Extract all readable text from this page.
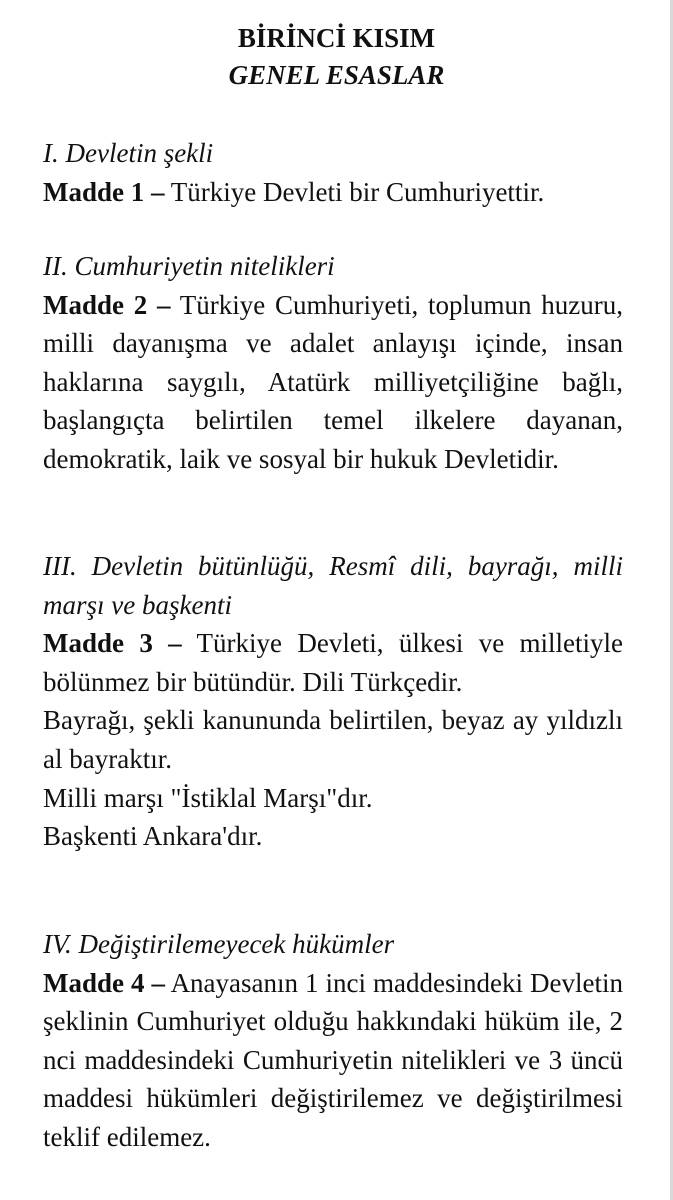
BİRİNCİ KISIM
GENEL ESASLAR
I. Devletin şekli

Madde 1 – Türkiye Devleti bir Cumhuriyettir.

II. Cumhuriyetin nitelikleri

Madde 2 – Türkiye Cumhuriyeti, toplumun huzuru, milli dayanışma ve adalet anlayışı içinde, insan haklarına saygılı, Atatürk milliyetçiliğine bağlı, başlangıçta belirtilen temel ilkelere dayanan, demokratik, laik ve sosyal bir hukuk Devletidir.

III. Devletin bütünlüğü, Resmî dili, bayrağı, milli marşı ve başkenti

Madde 3 – Türkiye Devleti, ülkesi ve milletiyle bölünmez bir bütündür. Dili Türkçedir.

Bayrağı, şekli kanununda belirtilen, beyaz ay yıldızlı al bayraktır.

Milli marşı "İstiklal Marşı"dır.

Başkenti Ankara'dır.

IV. Değiştirilemeyecek hükümler

Madde 4 – Anayasanın 1 inci maddesindeki Devletin şeklinin Cumhuriyet olduğu hakkındaki hüküm ile, 2 nci maddesindeki Cumhuriyetin nitelikleri ve 3 üncü maddesi hükümleri değiştirilemez ve değiştirilmesi teklif edilemez.
